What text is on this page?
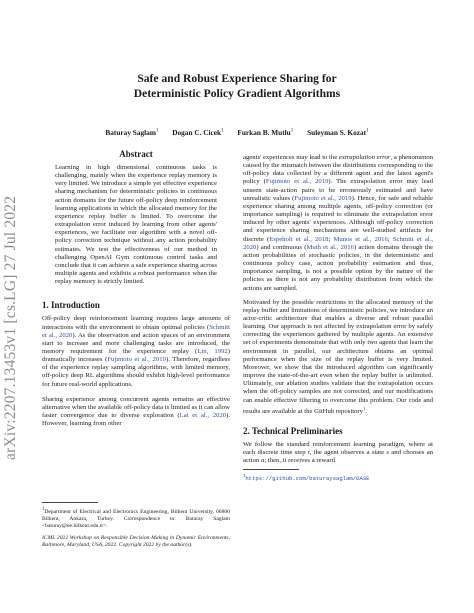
arXiv:2207.13453v1 [cs.LG] 27 Jul 2022
Safe and Robust Experience Sharing for
Deterministic Policy Gradient Algorithms
Baturay Saglam$^1$ Dogan C. Cicek$^1$ Furkan B. Mutlu$^1$ Suleyman S. Kozat$^1$
Abstract
Learning in high dimensional continuous tasks is challenging, mainly when the experience replay memory is very limited. We introduce a simple yet effective experience sharing mechanism for deterministic policies in continuous action domains for the future off-policy deep reinforcement learning applications in which the allocated memory for the experience replay buffer is limited. To overcome the extrapolation error induced by learning from other agents' experiences, we facilitate our algorithm with a novel off-policy correction technique without any action probability estimates. We test the effectiveness of our method in challenging OpenAI Gym continuous control tasks and conclude that it can achieve a safe experience sharing across multiple agents and exhibits a robust performance when the replay memory is strictly limited.
1. Introduction

Off-policy deep reinforcement learning requires large amounts of interactions with the environment to obtain optimal policies (Schmitt et al., 2020). As the observation and action spaces of an environment start to increase and more challenging tasks are introduced, the memory requirement for the experience replay (Lin, 1992) dramatically increases (Fujimoto et al., 2019). Therefore, regardless of the experience replay sampling algorithms, with limited memory, off-policy deep RL algorithms should exhibit high-level performance for future real-world applications.

Sharing experience among concurrent agents remains an effective alternative when the available off-policy data is limited as it can allow faster convergence due to diverse exploration (Lai et al., 2020). However, learning from other

$^1$Department of Electrical and Electronics Engineering, Bilkent University, 06800 Bilkent, Ankara, Turkey. Correspondence to: Baturay Saglam <baturay@ee.bilkent.edu.tr>.
ICML 2022 Workshop on Responsible Decision Making in Dynamic Environments, Baltimore, Maryland, USA, 2022. Copyright 2022 by the author(s).

agents' experiences may lead to the extrapolation error, a phenomenon caused by the mismatch between the distributions corresponding to the off-policy data collected by a different agent and the latest agent's policy (Fujimoto et al., 2019). The extrapolation error may lead unseen state-action pairs to be erroneously estimated and have unrealistic values (Fujimoto et al., 2019). Hence, for safe and reliable experience sharing among multiple agents, off-policy correction (or importance sampling) is required to eliminate the extrapolation error induced by other agents' experiences. Although off-policy correction and experience sharing mechanisms are well-studied artifacts for discrete (Espeholt et al., 2018; Munos et al., 2016; Schmitt et al., 2020) and continuous (Muth et al., 2016) action domains through the action probabilities of stochastic policies, in the deterministic and continuous policy case, action probability estimation and thus, importance sampling, is not a possible option by the nature of the policies as there is not any probability distribution from which the actions are sampled.

Motivated by the possible restrictions to the allocated memory of the replay buffer and limitations of deterministic policies, we introduce an actor-critic architecture that enables a diverse and robust parallel learning. Our approach is not affected by extrapolation error by safely correcting the experiences gathered by multiple agents. An extensive set of experiments demonstrate that with only two agents that learn the environment in parallel, our architecture obtains an optimal performance when the size of the replay buffer is very limited. Moreover, we show that the introduced algorithm can significantly improve the state-of-the-art even when the replay buffer is unlimited. Ultimately, our ablation studies validate that the extrapolation occurs when the off-policy samples are not corrected, and our modifications can enable effective filtering to overcome this problem. Our code and results are available at the GitHub repository$^1$.

2. Technical Preliminaries

We follow the standard reinforcement learning paradigm, where at each discrete time step t, the agent observes a state s and chooses an action a; then, it receives a reward

$^1$https://github.com/baturaysaglam/DASE
